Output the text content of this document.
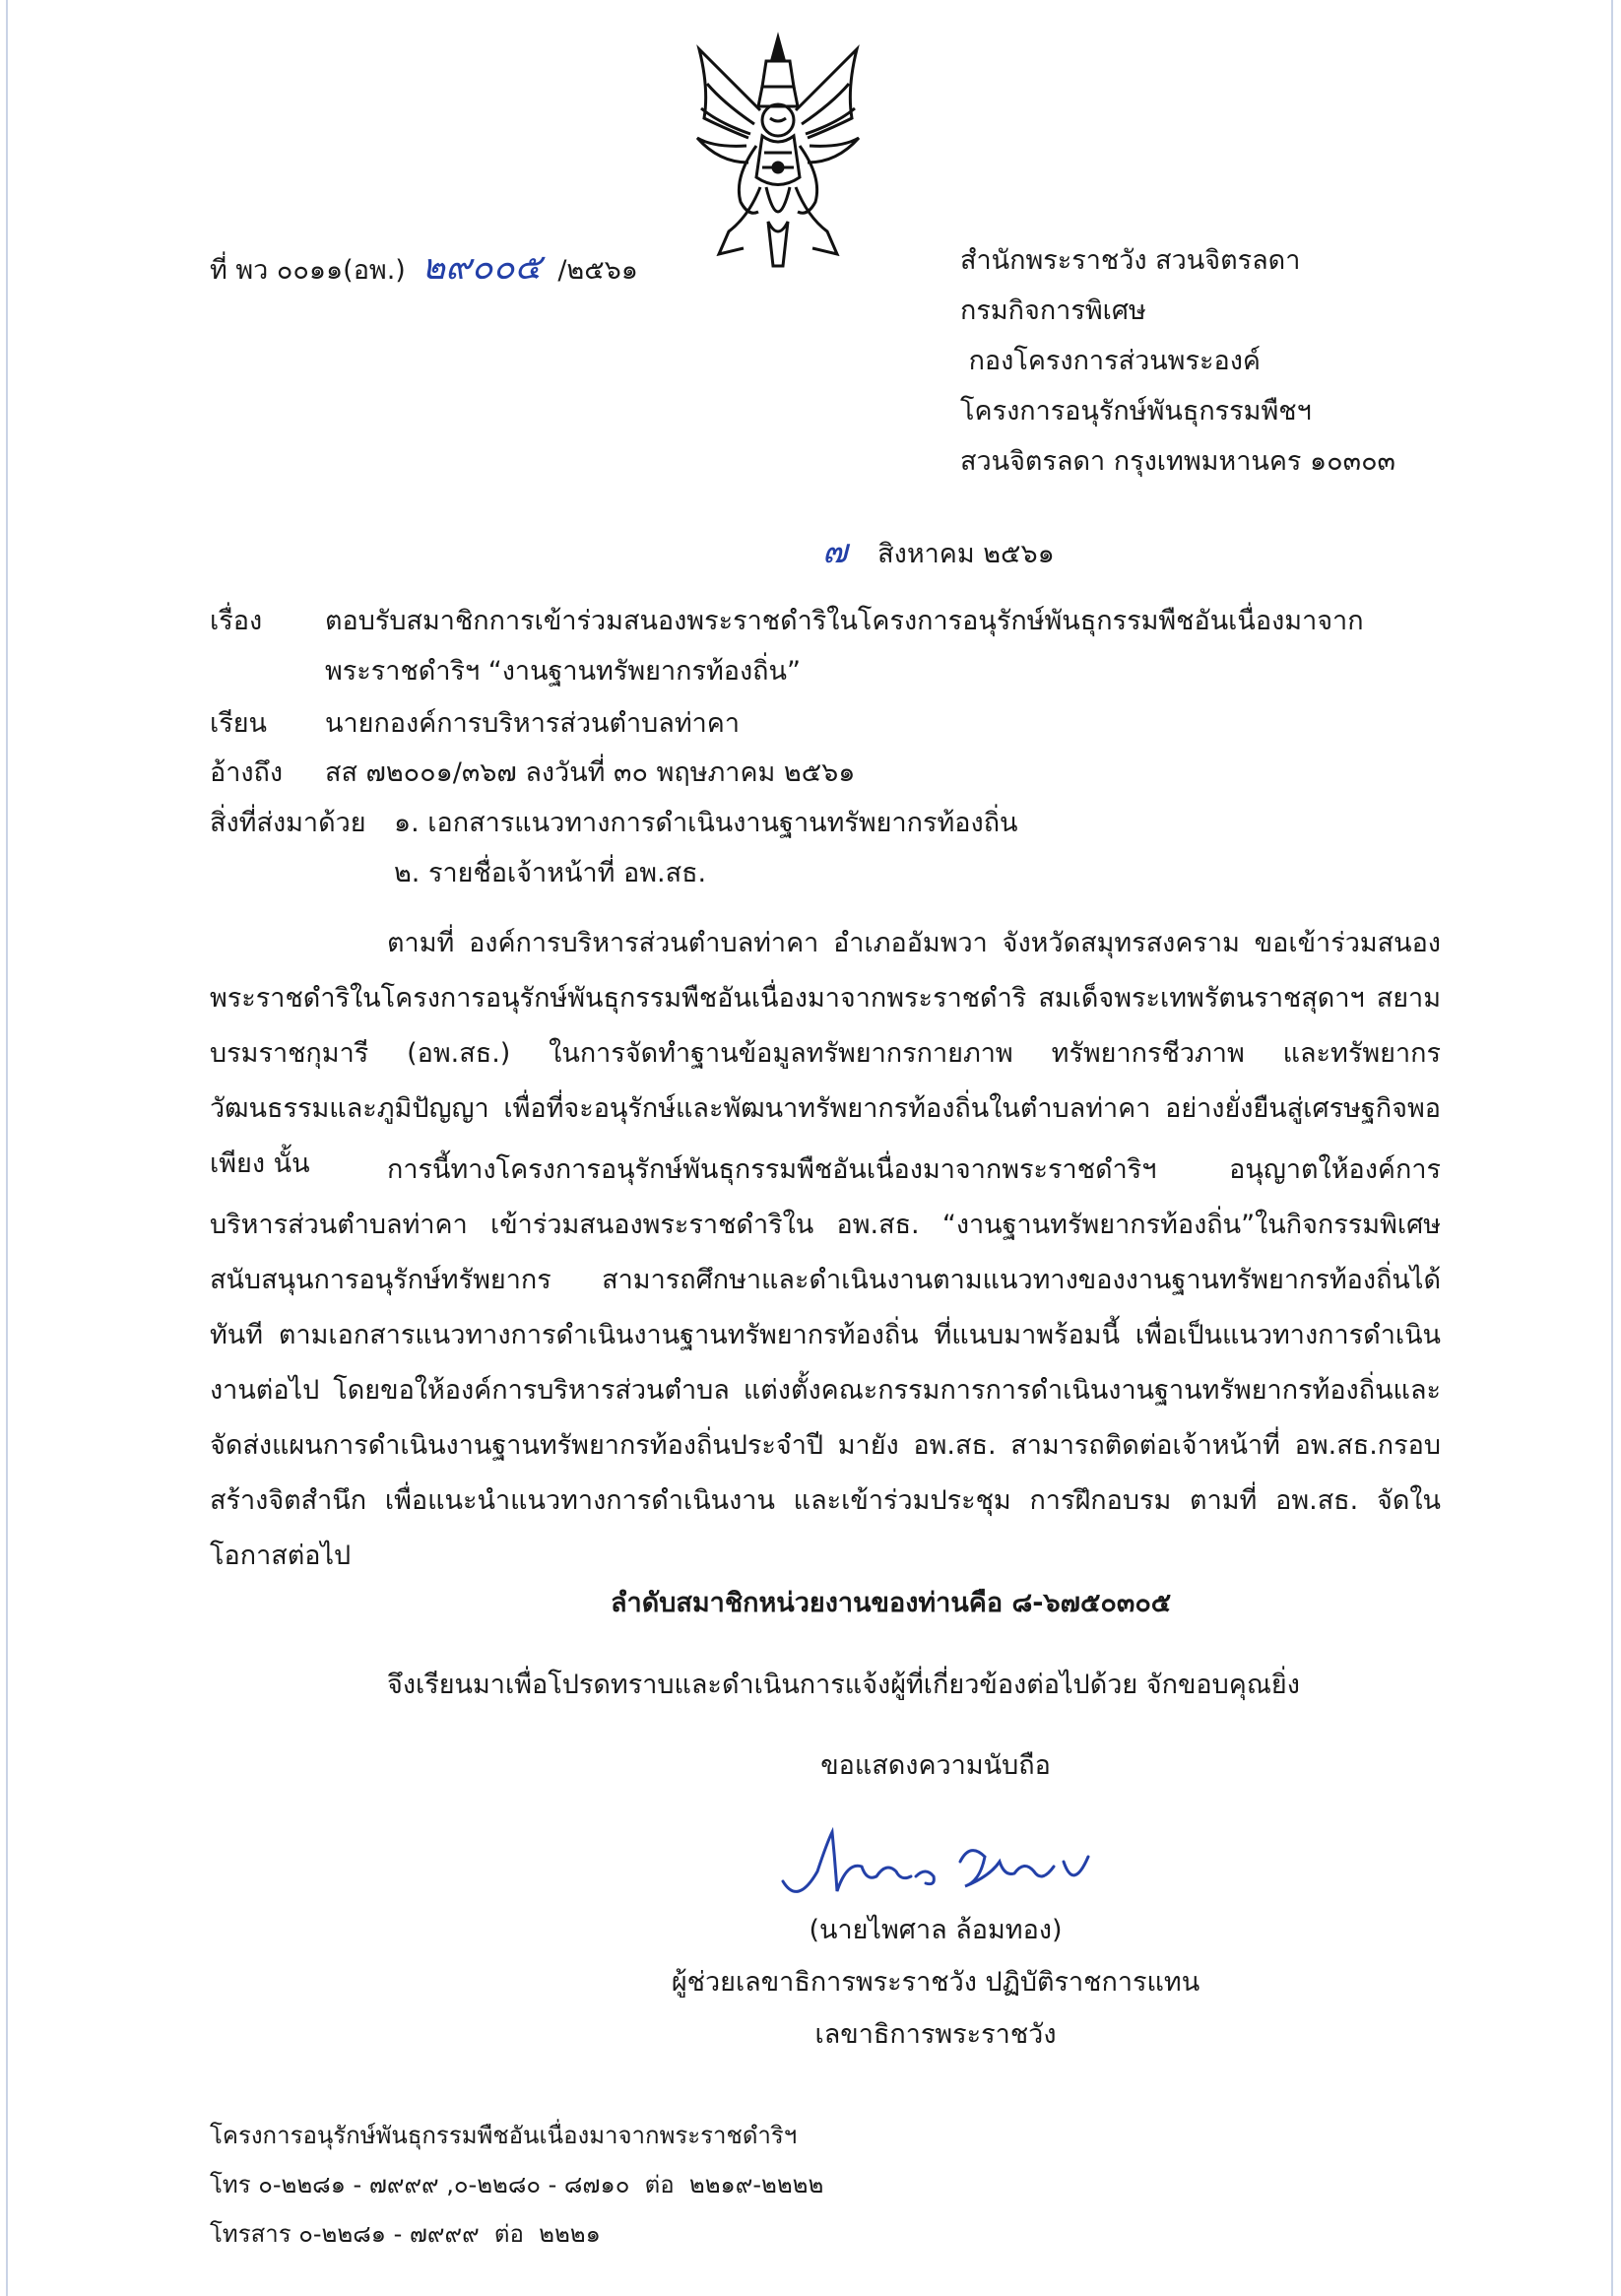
ที่ พว ๐๐๑๑(อพ.) ๒๙๐๐๕ /๒๕๖๑	สำนักพระราชวัง สวนจิตรลดา
กรมกิจการพิเศษ
กองโครงการส่วนพระองค์
โครงการอนุรักษ์พันธุกรรมพืชฯ
สวนจิตรลดา กรุงเทพมหานคร ๑๐๓๐๓
๗ สิงหาคม ๒๕๖๑
เรื่อง ตอบรับสมาชิกการเข้าร่วมสนองพระราชดำริในโครงการอนุรักษ์พันธุกรรมพืชอันเนื่องมาจาก
พระราชดำริฯ “งานฐานทรัพยากรท้องถิ่น”
เรียน นายกองค์การบริหารส่วนตำบลท่าคา
อ้างถึง สส ๗๒๐๐๑/๓๖๗ ลงวันที่ ๓๐ พฤษภาคม ๒๕๖๑
สิ่งที่ส่งมาด้วย ๑. เอกสารแนวทางการดำเนินงานฐานทรัพยากรท้องถิ่น
๒. รายชื่อเจ้าหน้าที่ อพ.สธ.
ตามที่ องค์การบริหารส่วนตำบลท่าคา อำเภออัมพวา จังหวัดสมุทรสงคราม ขอเข้าร่วมสนองพระราชดำริในโครงการอนุรักษ์พันธุกรรมพืชอันเนื่องมาจากพระราชดำริ สมเด็จพระเทพรัตนราชสุดาฯ สยามบรมราชกุมารี (อพ.สธ.) ในการจัดทำฐานข้อมูลทรัพยากรกายภาพ ทรัพยากรชีวภาพ และทรัพยากรวัฒนธรรมและภูมิปัญญา เพื่อที่จะอนุรักษ์และพัฒนาทรัพยากรท้องถิ่นในตำบลท่าคา อย่างยั่งยืนสู่เศรษฐกิจพอเพียง นั้น	การนี้ทางโครงการอนุรักษ์พันธุกรรมพืชอันเนื่องมาจากพระราชดำริฯ อนุญาตให้องค์การบริหารส่วนตำบลท่าคา เข้าร่วมสนองพระราชดำริใน อพ.สธ. “งานฐานทรัพยากรท้องถิ่น”ในกิจกรรมพิเศษสนับสนุนการอนุรักษ์ทรัพยากร สามารถศึกษาและดำเนินงานตามแนวทางของงานฐานทรัพยากรท้องถิ่นได้ทันที ตามเอกสารแนวทางการดำเนินงานฐานทรัพยากรท้องถิ่น ที่แนบมาพร้อมนี้ เพื่อเป็นแนวทางการดำเนินงานต่อไป โดยขอให้องค์การบริหารส่วนตำบล แต่งตั้งคณะกรรมการการดำเนินงานฐานทรัพยากรท้องถิ่นและจัดส่งแผนการดำเนินงานฐานทรัพยากรท้องถิ่นประจำปี มายัง อพ.สธ. สามารถติดต่อเจ้าหน้าที่ อพ.สธ.กรอบสร้างจิตสำนึก เพื่อแนะนำแนวทางการดำเนินงาน และเข้าร่วมประชุม การฝึกอบรม ตามที่ อพ.สธ. จัดในโอกาสต่อไป
ลำดับสมาชิกหน่วยงานของท่านคือ ๘-๖๗๕๐๓๐๕
จึงเรียนมาเพื่อโปรดทราบและดำเนินการแจ้งผู้ที่เกี่ยวข้องต่อไปด้วย จักขอบคุณยิ่ง
ขอแสดงความนับถือ
(นายไพศาล ล้อมทอง)
ผู้ช่วยเลขาธิการพระราชวัง ปฏิบัติราชการแทน
เลขาธิการพระราชวัง
โครงการอนุรักษ์พันธุกรรมพืชอันเนื่องมาจากพระราชดำริฯ
โทร ๐-๒๒๘๑ - ๗๙๙๙ ,๐-๒๒๘๐ - ๘๗๑๐  ต่อ  ๒๒๑๙-๒๒๒๒
โทรสาร ๐-๒๒๘๑ - ๗๙๙๙  ต่อ  ๒๒๒๑
